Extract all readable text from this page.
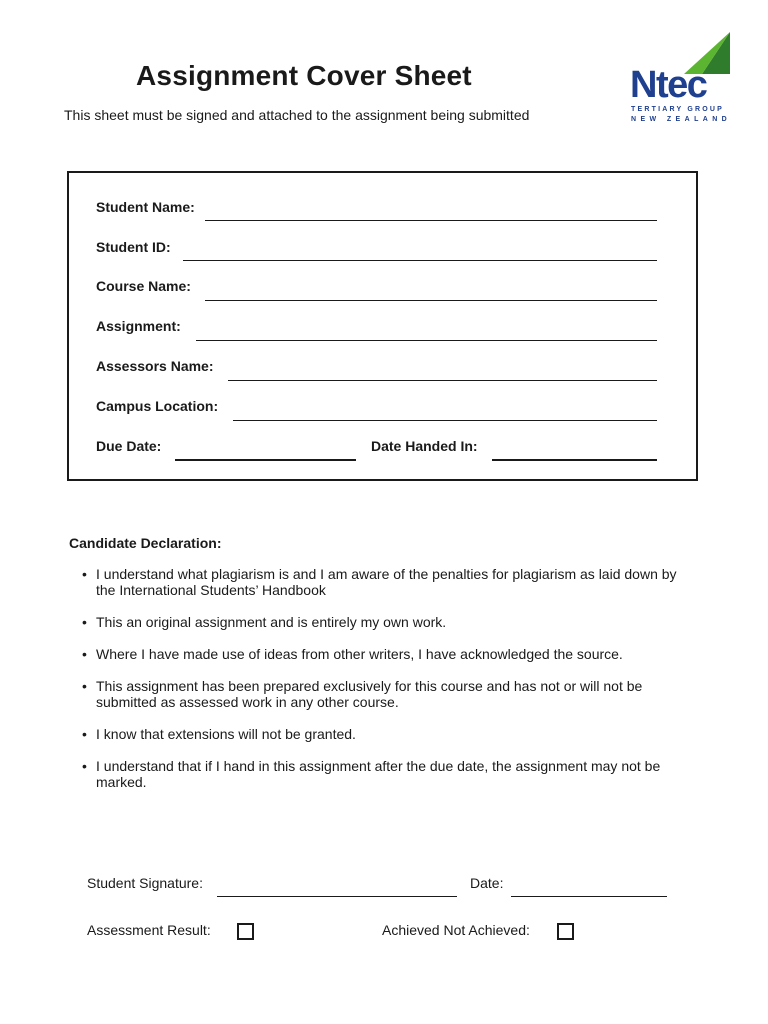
Assignment Cover Sheet
This sheet must be signed and attached to the assignment being submitted
Ntec
TERTIARY GROUP
NEW ZEALAND
Student Name:
Student ID:
Course Name:
Assignment:
Assessors Name:
Campus Location:
Due Date:	Date Handed In:
Candidate Declaration:
• I understand what plagiarism is and I am aware of the penalties for plagiarism as laid down by the International Students’ Handbook
• This an original assignment and is entirely my own work.
• Where I have made use of ideas from other writers, I have acknowledged the source.
• This assignment has been prepared exclusively for this course and has not or will not be submitted as assessed work in any other course.
• I know that extensions will not be granted.
• I understand that if I hand in this assignment after the due date, the assignment may not be marked.
Student Signature:	Date:
Assessment Result:	Achieved Not Achieved:
